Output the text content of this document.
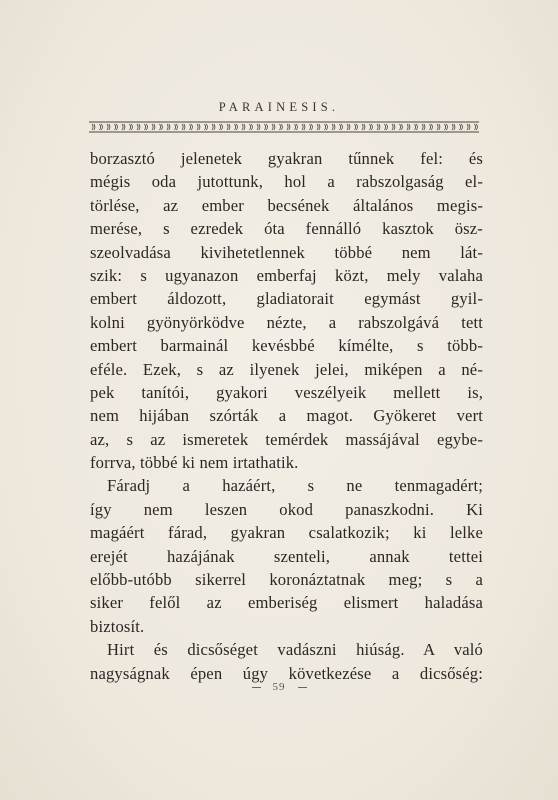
PARAINESIS.
borzasztó jelenetek gyakran tűnnek fel: és
mégis oda jutottunk, hol a rabszolgaság el-
törlése, az ember becsének általános megis-
merése, s ezredek óta fennálló kasztok ösz-
szeolvadása kivihetetlennek többé nem lát-
szik: s ugyanazon emberfaj közt, mely valaha
embert áldozott, gladiatorait egymást gyil-
kolni gyönyörködve nézte, a rabszolgává tett
embert barmainál kevésbbé kímélte, s több-
eféle. Ezek, s az ilyenek jelei, miképen a né-
pek tanítói, gyakori veszélyeik mellett is,
nem hijában szórták a magot. Gyökeret vert
az, s az ismeretek temérdek massájával egybe-
forrva, többé ki nem irtathatik.
Fáradj a hazáért, s ne tenmagadért;
így nem leszen okod panaszkodni. Ki
magáért fárad, gyakran csalatkozik; ki lelke
erejét hazájának szenteli, annak tettei
előbb-utóbb sikerrel koronáztatnak meg; s a
siker felől az emberiség elismert haladása
biztosít.
Hirt és dicsőséget vadászni hiúság. A való
nagyságnak épen úgy következése a dicsőség:
59
